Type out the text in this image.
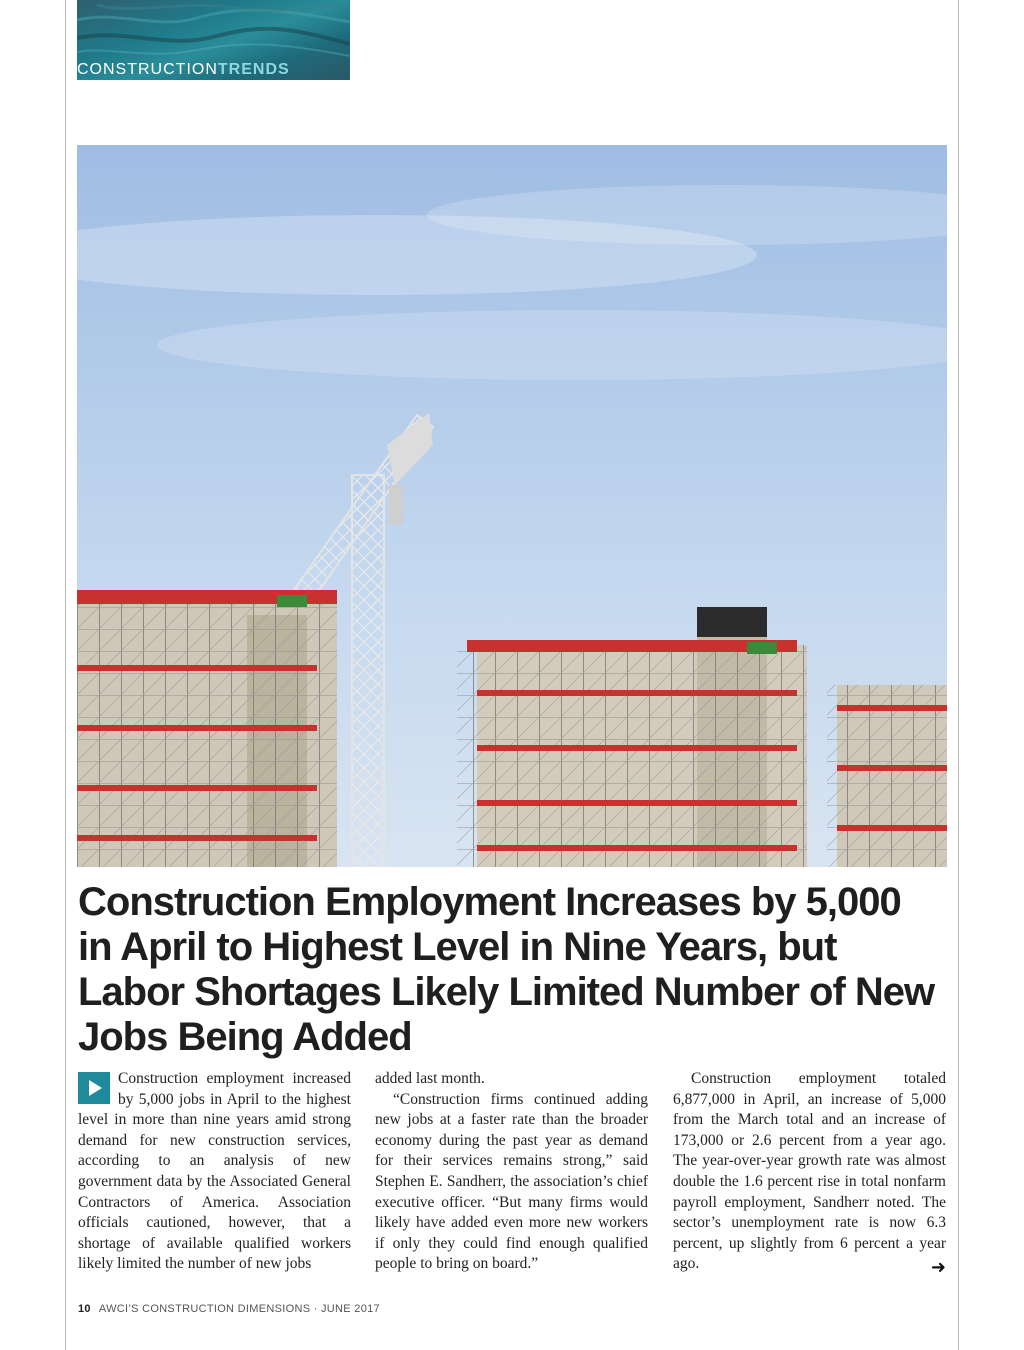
CONSTRUCTIONTRENDS
Construction Employment Increases by 5,000 in April to Highest Level in Nine Years, but Labor Shortages Likely Limited Number of New Jobs Being Added

Construction employment increased by 5,000 jobs in April to the highest level in more than nine years amid strong demand for new construction services, according to an analysis of new government data by the Associated General Contractors of America. Association officials cautioned, however, that a shortage of available qualified workers likely limited the number of new jobs

added last month.

“Construction firms continued adding new jobs at a faster rate than the broader economy during the past year as demand for their services remains strong,” said Stephen E. Sandherr, the association’s chief executive officer. “But many firms would likely have added even more new workers if only they could find enough qualified people to bring on board.”

Construction employment totaled 6,877,000 in April, an increase of 5,000 from the March total and an increase of 173,000 or 2.6 percent from a year ago. The year-over-year growth rate was almost double the 1.6 percent rise in total nonfarm payroll employment, Sandherr noted. The sector’s unemployment rate is now 6.3 percent, up slightly from 6 percent a year ago.	➜
10 AWCI’S CONSTRUCTION DIMENSIONS · JUNE 2017
